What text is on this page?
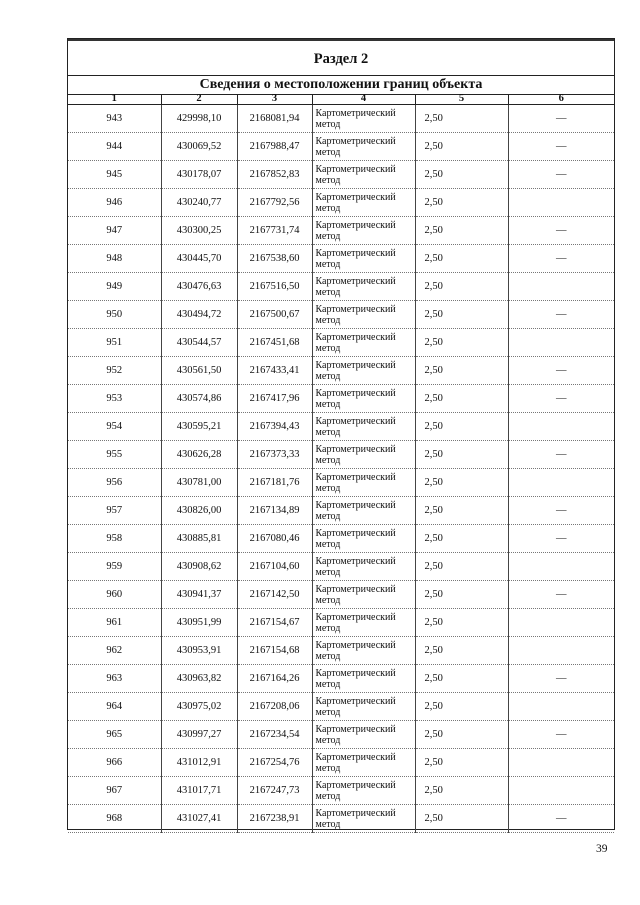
Раздел 2
Сведения о местоположении границ объекта
1	2	3	4	5	6
943	429998,10	2168081,94	Картометрический
метод	2,50	—
944	430069,52	2167988,47	Картометрический
метод	2,50	—
945	430178,07	2167852,83	Картометрический
метод	2,50	—
946	430240,77	2167792,56	Картометрический
метод	2,50	
947	430300,25	2167731,74	Картометрический
метод	2,50	—
948	430445,70	2167538,60	Картометрический
метод	2,50	—
949	430476,63	2167516,50	Картометрический
метод	2,50	
950	430494,72	2167500,67	Картометрический
метод	2,50	—
951	430544,57	2167451,68	Картометрический
метод	2,50	
952	430561,50	2167433,41	Картометрический
метод	2,50	—
953	430574,86	2167417,96	Картометрический
метод	2,50	—
954	430595,21	2167394,43	Картометрический
метод	2,50	
955	430626,28	2167373,33	Картометрический
метод	2,50	—
956	430781,00	2167181,76	Картометрический
метод	2,50	
957	430826,00	2167134,89	Картометрический
метод	2,50	—
958	430885,81	2167080,46	Картометрический
метод	2,50	—
959	430908,62	2167104,60	Картометрический
метод	2,50	
960	430941,37	2167142,50	Картометрический
метод	2,50	—
961	430951,99	2167154,67	Картометрический
метод	2,50	
962	430953,91	2167154,68	Картометрический
метод	2,50	
963	430963,82	2167164,26	Картометрический
метод	2,50	—
964	430975,02	2167208,06	Картометрический
метод	2,50	
965	430997,27	2167234,54	Картометрический
метод	2,50	—
966	431012,91	2167254,76	Картометрический
метод	2,50	
967	431017,71	2167247,73	Картометрический
метод	2,50	
968	431027,41	2167238,91	Картометрический
метод	2,50	—
39
